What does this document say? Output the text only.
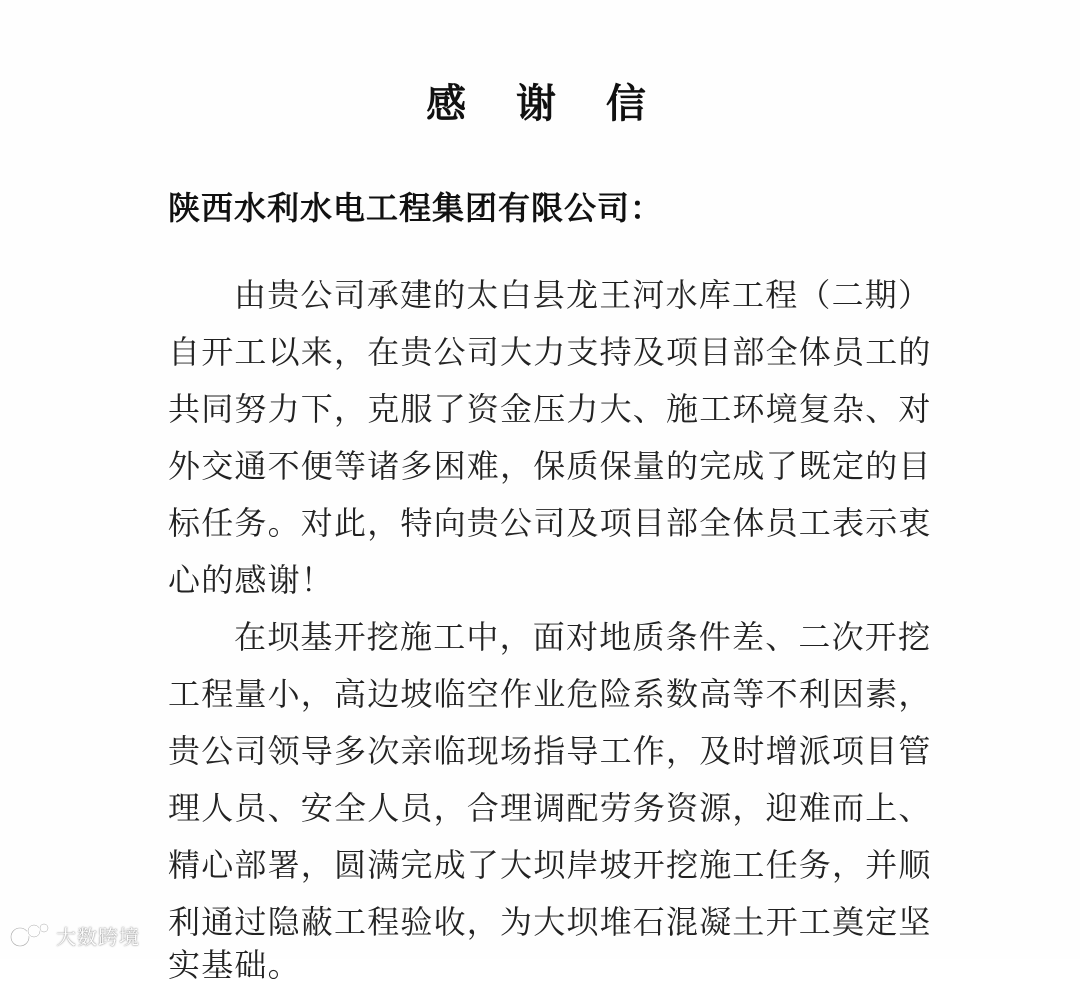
感 谢 信
陕西水利水电工程集团有限公司：
由贵公司承建的太白县龙王河水库工程（二期）
自开工以来，在贵公司大力支持及项目部全体员工的
共同努力下，克服了资金压力大、施工环境复杂、对
外交通不便等诸多困难，保质保量的完成了既定的目
标任务。对此，特向贵公司及项目部全体员工表示衷
心的感谢！
在坝基开挖施工中，面对地质条件差、二次开挖
工程量小，高边坡临空作业危险系数高等不利因素，
贵公司领导多次亲临现场指导工作，及时增派项目管
理人员、安全人员，合理调配劳务资源，迎难而上、
精心部署，圆满完成了大坝岸坡开挖施工任务，并顺
利通过隐蔽工程验收，为大坝堆石混凝土开工奠定坚
实基础。
大数跨境
